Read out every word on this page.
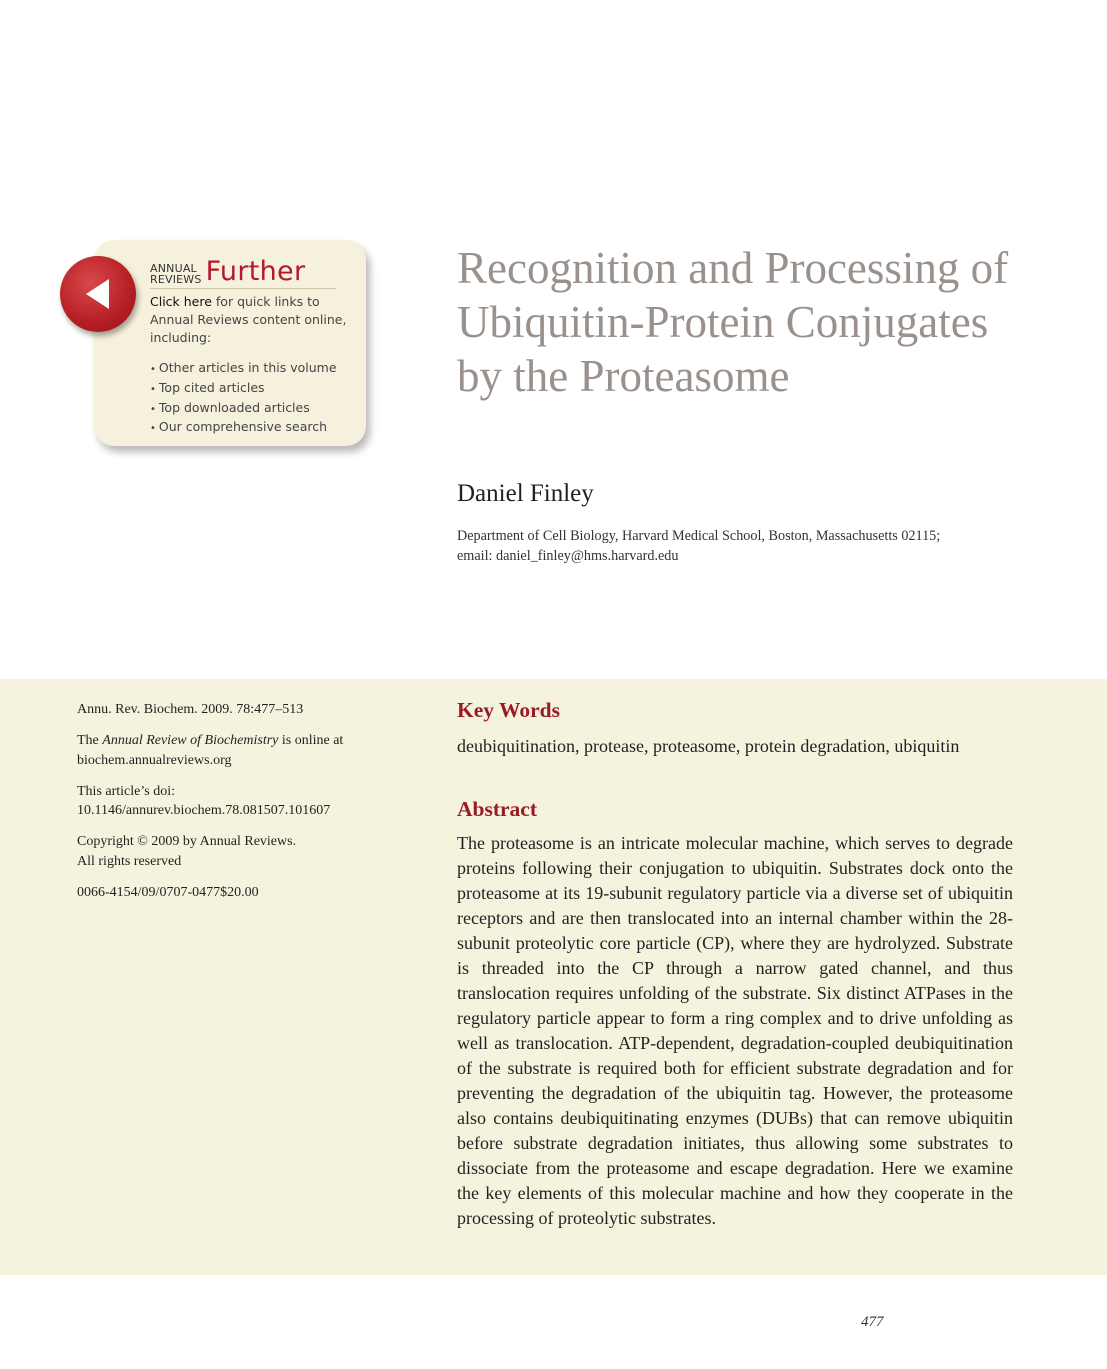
ANNUAL
REVIEWS Further
Click here for quick links to Annual Reviews content online, including:
• Other articles in this volume
• Top cited articles
• Top downloaded articles
• Our comprehensive search
Recognition and Processing of Ubiquitin-Protein Conjugates by the Proteasome
Daniel Finley
Department of Cell Biology, Harvard Medical School, Boston, Massachusetts 02115;
email: daniel_finley@hms.harvard.edu

Annu. Rev. Biochem. 2009. 78:477–513

The Annual Review of Biochemistry is online at biochem.annualreviews.org

This article’s doi:
10.1146/annurev.biochem.78.081507.101607

Copyright © 2009 by Annual Reviews.
All rights reserved

0066-4154/09/0707-0477$20.00

Key Words
deubiquitination, protease, proteasome, protein degradation, ubiquitin
Abstract
The proteasome is an intricate molecular machine, which serves to degrade proteins following their conjugation to ubiquitin. Substrates dock onto the proteasome at its 19-subunit regulatory particle via a diverse set of ubiquitin receptors and are then translocated into an internal chamber within the 28-subunit proteolytic core particle (CP), where they are hydrolyzed. Substrate is threaded into the CP through a narrow gated channel, and thus translocation requires unfolding of the substrate. Six distinct ATPases in the regulatory particle appear to form a ring complex and to drive unfolding as well as translocation. ATP-dependent, degradation-coupled deubiquitination of the substrate is required both for efficient substrate degradation and for preventing the degradation of the ubiquitin tag. However, the proteasome also contains deubiquitinating enzymes (DUBs) that can remove ubiquitin before substrate degradation initiates, thus allowing some substrates to dissociate from the proteasome and escape degradation. Here we examine the key elements of this molecular machine and how they cooperate in the processing of proteolytic substrates.
477
